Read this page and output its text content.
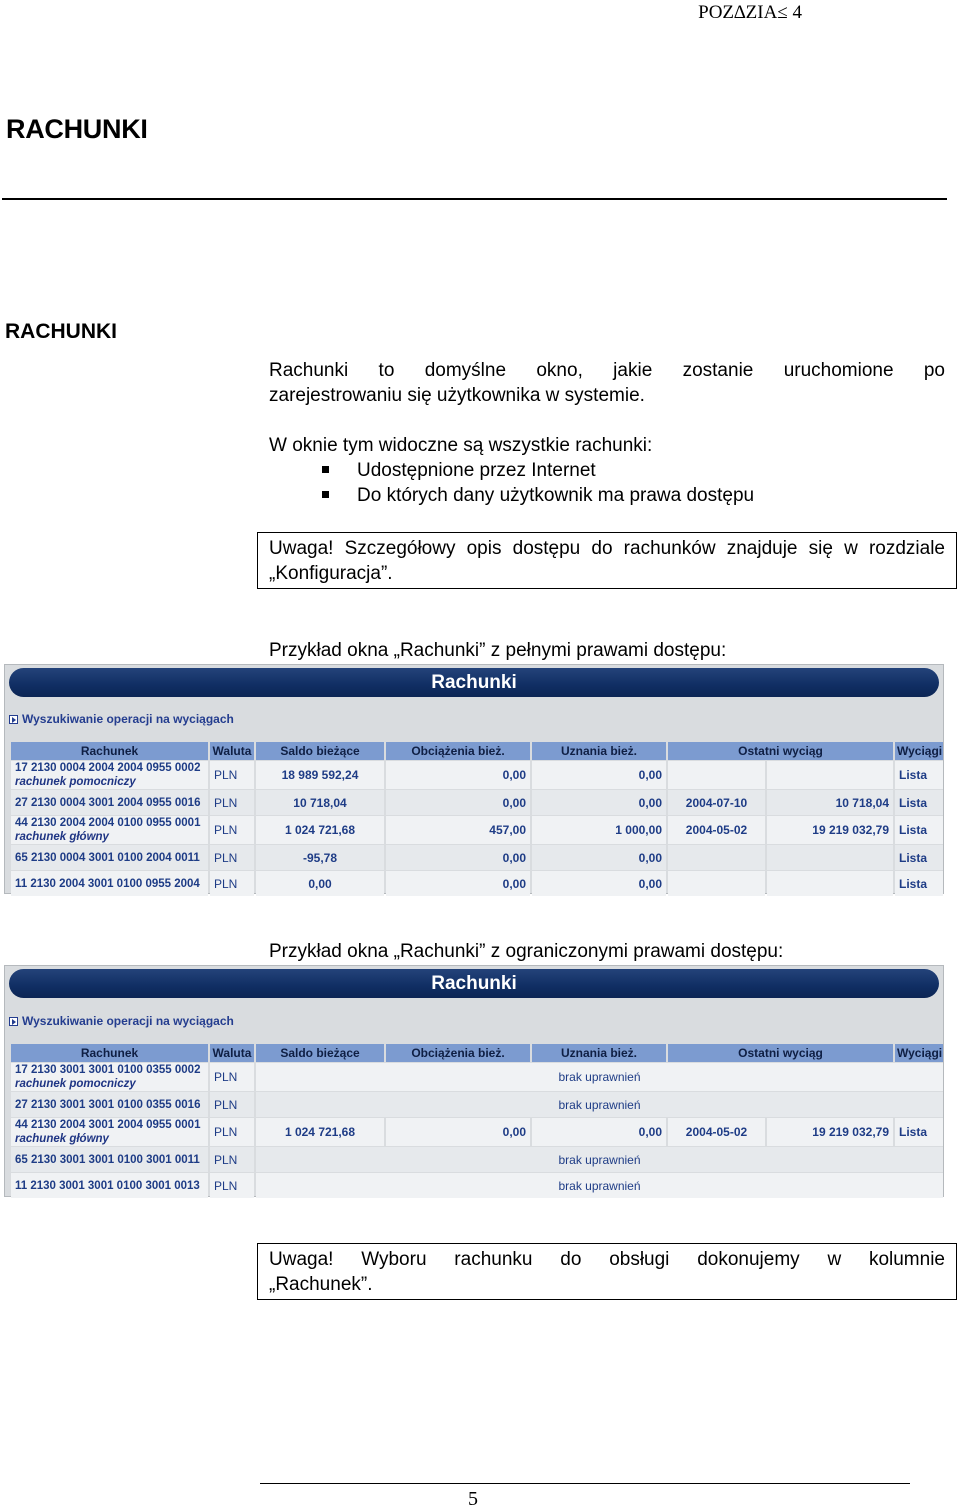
POZ∆ZIA≤ 4
RACHUNKI
RACHUNKI
Rachunki to domyślne okno, jakie zostanie uruchomione po
zarejestrowaniu się użytkownika w systemie.
W oknie tym widoczne są wszystkie rachunki:
Udostępnione przez Internet
Do których dany użytkownik ma prawa dostępu
Uwaga! Szczegółowy opis dostępu do rachunków znajduje się w rozdziale
„Konfiguracja”.
Przykład okna „Rachunki” z pełnymi prawami dostępu:
Rachunki
Wyszukiwanie operacji na wyciągach
Rachunek	Waluta	Saldo bieżące	Obciążenia bież.	Uznania bież.	Ostatni wyciąg		Wyciągi

17 2130 0004 2004 2004 0955 0002
rachunek pomocniczy	PLN	18 989 592,24	0,00	0,00			Lista

27 2130 0004 3001 2004 0955 0016	PLN	10 718,04	0,00	0,00	2004-07-10	10 718,04	Lista

44 2130 2004 2004 0100 0955 0001
rachunek główny	PLN	1 024 721,68	457,00	1 000,00	2004-05-02	19 219 032,79	Lista

65 2130 0004 3001 0100 2004 0011	PLN	-95,78	0,00	0,00			Lista

11 2130 2004 3001 0100 0955 2004	PLN	0,00	0,00	0,00			Lista
Przykład okna „Rachunki” z ograniczonymi prawami dostępu:
Rachunki
Wyszukiwanie operacji na wyciągach
Rachunek	Waluta	Saldo bieżące	Obciążenia bież.	Uznania bież.	Ostatni wyciąg		Wyciągi

17 2130 3001 3001 0100 0355 0002
rachunek pomocniczy	PLN	brak uprawnień					

27 2130 3001 3001 0100 0355 0016	PLN	brak uprawnień					

44 2130 2004 3001 2004 0955 0001
rachunek główny	PLN	1 024 721,68	0,00	0,00	2004-05-02	19 219 032,79	Lista

65 2130 3001 3001 0100 3001 0011	PLN	brak uprawnień					

11 2130 3001 3001 0100 3001 0013	PLN	brak uprawnień					
Uwaga! Wyboru rachunku do obsługi dokonujemy w kolumnie
„Rachunek”.
5
